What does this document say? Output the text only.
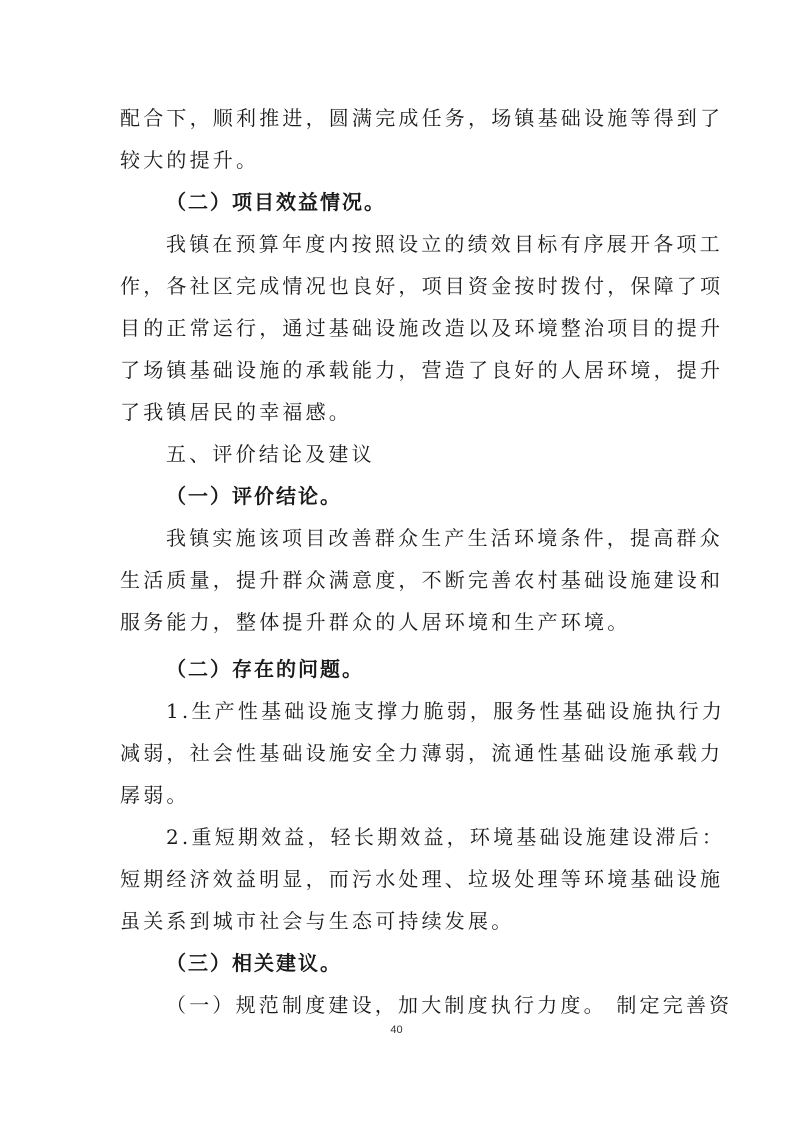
配合下，顺利推进，圆满完成任务，场镇基础设施等得到了
较大的提升。
（二）项目效益情况。
我镇在预算年度内按照设立的绩效目标有序展开各项工
作，各社区完成情况也良好，项目资金按时拨付，保障了项
目的正常运行，通过基础设施改造以及环境整治项目的提升
了场镇基础设施的承载能力，营造了良好的人居环境，提升
了我镇居民的幸福感。
五、评价结论及建议
（一）评价结论。
我镇实施该项目改善群众生产生活环境条件，提高群众
生活质量，提升群众满意度，不断完善农村基础设施建设和
服务能力，整体提升群众的人居环境和生产环境。
（二）存在的问题。
1.生产性基础设施支撑力脆弱，服务性基础设施执行力
减弱，社会性基础设施安全力薄弱，流通性基础设施承载力
孱弱。
2.重短期效益，轻长期效益，环境基础设施建设滞后：
短期经济效益明显，而污水处理、垃圾处理等环境基础设施
虽关系到城市社会与生态可持续发展。
（三）相关建议。
（一）规范制度建设，加大制度执行力度。 制定完善资
40
